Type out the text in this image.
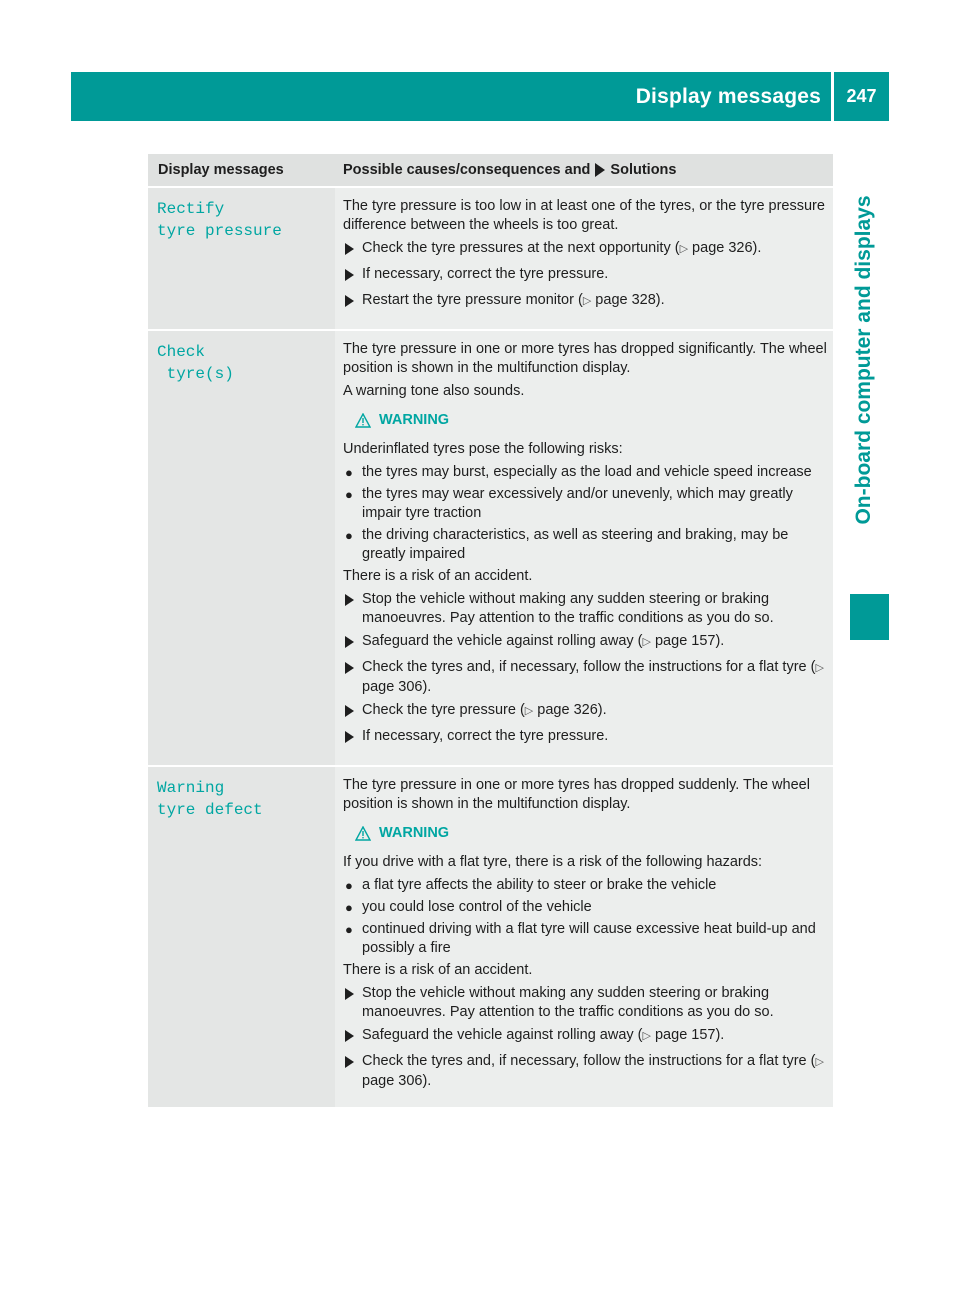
Display messages	247
On-board computer and displays
Display messages	Possible causes/consequences and Solutions
Rectify
tyre pressure

The tyre pressure is too low in at least one of the tyres, or the tyre pressure difference between the wheels is too great.

Check the tyre pressures at the next opportunity (▷ page 326).
If necessary, correct the tyre pressure.
Restart the tyre pressure monitor (▷ page 328).
Check
tyre(s)

The tyre pressure in one or more tyres has dropped significantly. The wheel position is shown in the multifunction display.

A warning tone also sounds.

WARNING

Underinflated tyres pose the following risks:

● the tyres may burst, especially as the load and vehicle speed increase
● the tyres may wear excessively and/or unevenly, which may greatly impair tyre traction
● the driving characteristics, as well as steering and braking, may be greatly impaired

There is a risk of an accident.

Stop the vehicle without making any sudden steering or braking manoeuvres. Pay attention to the traffic conditions as you do so.
Safeguard the vehicle against rolling away (▷ page 157).
Check the tyres and, if necessary, follow the instructions for a flat tyre (▷ page 306).
Check the tyre pressure (▷ page 326).
If necessary, correct the tyre pressure.
Warning
tyre defect

The tyre pressure in one or more tyres has dropped suddenly. The wheel position is shown in the multifunction display.

WARNING

If you drive with a flat tyre, there is a risk of the following hazards:

● a flat tyre affects the ability to steer or brake the vehicle
● you could lose control of the vehicle
● continued driving with a flat tyre will cause excessive heat build-up and possibly a fire

There is a risk of an accident.

Stop the vehicle without making any sudden steering or braking manoeuvres. Pay attention to the traffic conditions as you do so.
Safeguard the vehicle against rolling away (▷ page 157).
Check the tyres and, if necessary, follow the instructions for a flat tyre (▷ page 306).
